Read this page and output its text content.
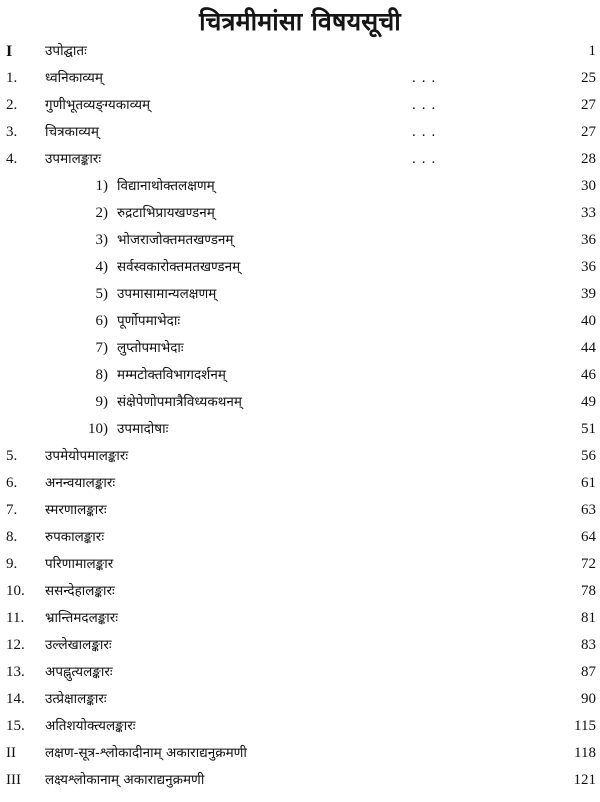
चित्रमीमांसा विषयसूची
I	उपोद्घातः	1
1.	ध्वनिकाव्यम्	...	25
2.	गुणीभूतव्यङ्ग्यकाव्यम्	...	27
3.	चित्रकाव्यम्	...	27
4.	उपमालङ्कारः	...	28
1) विद्यानाथोक्तलक्षणम्	30
2) रुद्रटाभिप्रायखण्डनम्	33
3) भोजराजोक्तमतखण्डनम्	36
4) सर्वस्वकारोक्तमतखण्डनम्	36
5) उपमासामान्यलक्षणम्	39
6) पूर्णोपमाभेदाः	40
7) लुप्तोपमाभेदाः	44
8) मम्मटोक्तविभागदर्शनम्	46
9) संक्षेपेणोपमात्रैविध्यकथनम्	49
10) उपमादोषाः	51
5.	उपमेयोपमालङ्कारः	56
6.	अनन्वयालङ्कारः	61
7.	स्मरणालङ्कारः	63
8.	रुपकालङ्कारः	64
9.	परिणामालङ्कार	72
10.	ससन्देहालङ्कारः	78
11.	भ्रान्तिमदलङ्कारः	81
12.	उल्लेखालङ्कारः	83
13.	अपह्नुत्यलङ्कारः	87
14.	उत्प्रेक्षालङ्कारः	90
15.	अतिशयोक्त्यलङ्कारः	115
II	लक्षण-सूत्र-श्लोकादीनाम् अकाराद्यनुक्रमणी	118
III	लक्ष्यश्लोकानाम् अकाराद्यनुक्रमणी	121
